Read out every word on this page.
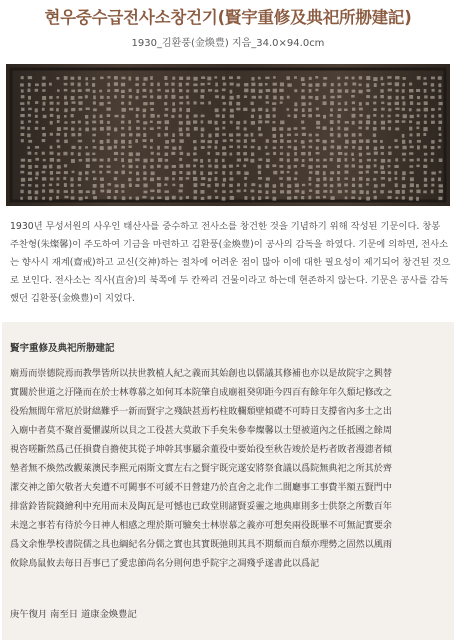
현우중수급전사소창건기(賢宇重修及典祀所刱建記)
1930_김환풍(金煥豊) 지음_34.0×94.0cm
1930년 무성서원의 사우인 태산사를 중수하고 전사소를 창건한 것을 기념하기 위해 작성된 기문이다. 창봉
주찬형(朱燦馨)이 주도하여 기금을 마련하고 김환풍(金煥豊)이 공사의 감독을 하였다. 기문에 의하면, 전사소
는 향사시 재계(齋戒)하고 교신(交神)하는 절차에 어려운 점이 많아 이에 대한 필요성이 제기되어 창건된 것으
로 보인다. 전사소는 직사(直舍)의 북쪽에 두 칸짜리 건물이라고 하는데 현존하지 않는다. 기문은 공사를 감독
했던 김환풍(金煥豊)이 지었다.
賢宇重修及典祀所刱建記
廟焉而崇德院焉而教學皆所以扶世教植人紀之義而其始創也以儒議其修補也亦以是故院宇之興替
實關於世道之汙隆而在於士林尊慕之如何耳本院肇自成廟祖癸卯距今四百有餘年年久頹圮修改之
役殆無間年常厄於財絀難乎一新而賢宇之殘缺甚焉朽柱敗欄頹壁傾礎不可時日支撐省內多士之出
入廟中者莫不聚首憂懼謀所以貝之工役甚大莫敢下手矣朱參奉燦馨以士望被道內之任抵國之餘周
視咨嗟斷然爲己任損費自擔使其從子坤幹其事屬余董役中要始役至秋告竣於是朽者敗者漫漶者傾
墊者無不煥然改觀萊澳民李熙元兩斯文實左右之賢宇既完遂安將祭食議以爲院無典祀之所其於齊
潔交神之節欠敬者大矣遭不可闕事不可緩不日營建乃於直舍之北作二間廳事工事費半額五賢門中
排當鈴皆院錢繪利中充用而未及陶瓦是可憾也已政堂則諸賢妥靈之地典庫則多士供祭之所數百年
未遑之事若有待於今日神人相感之理於斯可驗矣士林崇慕之義亦可想矣兩役既畢不可無記實要余
爲文余惟學校書院儒之具也綱紀名分儒之實也其實既弛則其具不期頹而自頹亦理勢之固然以風雨
攸除鳥鼠攸去毎日吾事已了愛忠節尚名分則何患乎院宇之凋殘乎遂書此以爲記
庚午復月 南至日 道康金煥豊記
